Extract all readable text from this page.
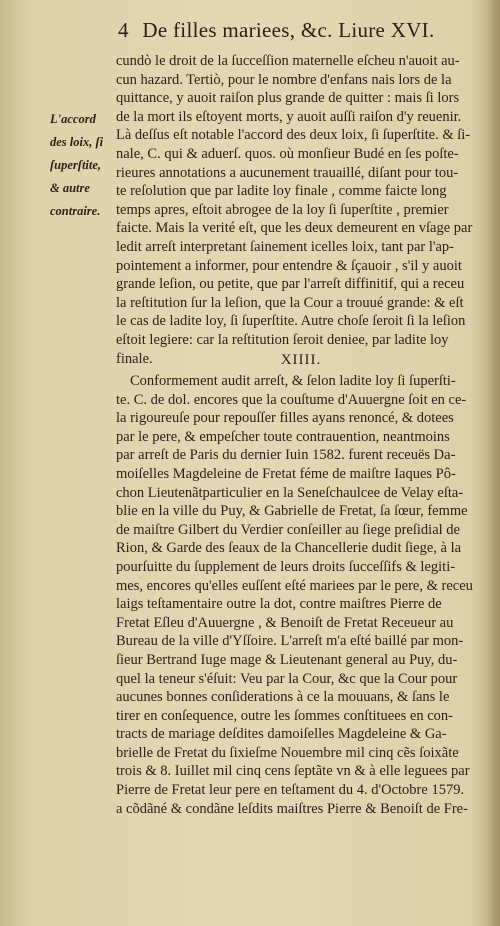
4 De filles mariees, &c. Liure XVI.
L'accord
des loix, ſi
ſuperſtite,
& autre
contraire.
cundò le droit de la ſucceſſion maternelle eſcheu n'auoit au-
cun hazard. Tertiò, pour le nombre d'enfans nais lors de la
quittance, y auoit raiſon plus grande de quitter : mais ſi lors
de la mort ils eſtoyent morts, y auoit auſſi raiſon d'y reuenir.
Là deſſus eſt notable l'accord des deux loix, ſi ſuperſtite. & ſi-
nale, C. qui & aduerſ. quos. où monſieur Budé en ſes poſte-
rieures annotations a aucunement trauaillé, diſant pour tou-
te reſolution que par ladite loy finale , comme faicte long
temps apres, eſtoit abrogee de la loy ſi ſuperſtite , premier
faicte. Mais la verité eſt, que les deux demeurent en vſage par
ledit arreſt interpretant ſainement icelles loix, tant par l'ap-
pointement a informer, pour entendre & ſçauoir , s'il y auoit
grande leſion, ou petite, que par l'arreſt diffinitif, qui a receu
la reſtitution ſur la leſion, que la Cour a trouué grande: & eſt
le cas de ladite loy, ſi ſuperſtite. Autre choſe ſeroit ſi la leſion
eſtoit legiere: car la reſtitution ſeroit deniee, par ladite loy
finale.	XIIII.
Conformement audit arreſt, & ſelon ladite loy ſi ſuperſti-
te. C. de dol. encores que la couſtume d'Auuergne ſoit en ce-
la rigoureuſe pour repouſſer filles ayans renoncé, & dotees
par le pere, & empeſcher toute contrauention, neantmoins
par arreſt de Paris du dernier Iuin 1582. furent receuës Da-
moiſelles Magdeleine de Fretat féme de maiſtre Iaques Pô-
chon Lieutenãtparticulier en la Seneſchaulcee de Velay eſta-
blie en la ville du Puy, & Gabrielle de Fretat, ſa ſœur, femme
de maiſtre Gilbert du Verdier conſeiller au ſiege preſidial de
Rion, & Garde des ſeaux de la Chancellerie dudit ſiege, à la
pourſuitte du ſupplement de leurs droits ſucceſſifs & legiti-
mes, encores qu'elles euſſent eſté mariees par le pere, & receu
laigs teſtamentaire outre la dot, contre maiſtres Pierre de
Fretat Eſleu d'Auuergne , & Benoiſt de Fretat Receueur au
Bureau de la ville d'Yſſoire. L'arreſt m'a eſté baillé par mon-
ſieur Bertrand Iuge mage & Lieutenant general au Puy, du-
quel la teneur s'éſuit: Veu par la Cour, &c que la Cour pour
aucunes bonnes conſiderations à ce la mouuans, & ſans le
tirer en conſequence, outre les ſommes conſtituees en con-
tracts de mariage deſdites damoiſelles Magdeleine & Ga-
brielle de Fretat du ſixieſme Nouembre mil cinq cẽs ſoixãte
trois & 8. Iuillet mil cinq cens ſeptãte vn & à elle leguees par
Pierre de Fretat leur pere en teſtament du 4. d'Octobre 1579.
a cõdãné & condãne leſdits maiſtres Pierre & Benoiſt de Fre-
